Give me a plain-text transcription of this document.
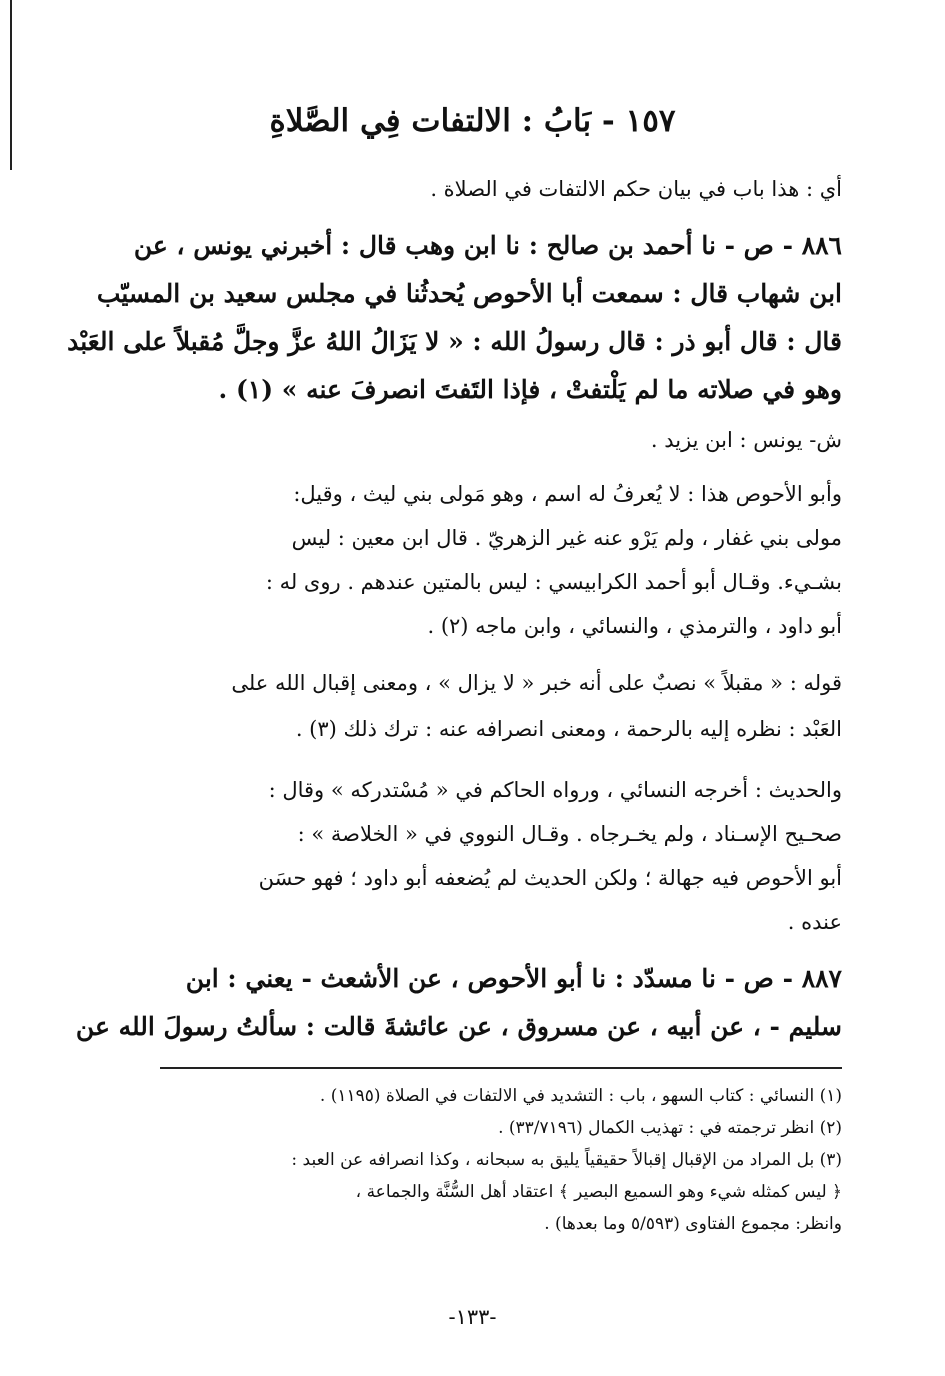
١٥٧ - بَابُ : الالتفات فِي الصَّلاةِ
أي : هذا باب في بيان حكم الالتفات في الصلاة .
٨٨٦ - ص - نا أحمد بن صالح : نا ابن وهب قال : أخبرني يونس ، عن
ابن شهاب قال : سمعت أبا الأحوص يُحدثُنا في مجلس سعيد بن المسيّب
قال : قال أبو ذر : قال رسولُ الله : « لا يَزَالُ اللهُ عزَّ وجلَّ مُقبلاً على العَبْد
وهو في صلاته ما لم يَلْتفتْ ، فإذا التَفتَ انصرفَ عنه » (١) .
ش- يونس : ابن يزيد .
وأبو الأحوص هذا : لا يُعرفُ له اسم ، وهو مَولى بني ليث ، وقيل:
مولى بني غفار ، ولم يَرْو عنه غير الزهريّ . قال ابن معين : ليس
بشـيء. وقـال أبو أحمد الكرابيسي : ليس بالمتين عندهم . روى له :
أبو داود ، والترمذي ، والنسائي ، وابن ماجه (٢) .
قوله : « مقبلاً » نصبٌ على أنه خبر « لا يزال » ، ومعنى إقبال الله على
العَبْد : نظره إليه بالرحمة ، ومعنى انصرافه عنه : ترك ذلك (٣) .
والحديث : أخرجه النسائي ، ورواه الحاكم في « مُسْتدركه » وقال :
صحـيح الإسـناد ، ولم يخـرجاه . وقـال النووي في « الخلاصة » :
أبو الأحوص فيه جهالة ؛ ولكن الحديث لم يُضعفه أبو داود ؛ فهو حسَن
عنده .
٨٨٧ - ص - نا مسدّد : نا أبو الأحوص ، عن الأشعث - يعني : ابن
سليم - ، عن أبيه ، عن مسروق ، عن عائشةَ قالت : سألتُ رسولَ الله عن
(١) النسائي : كتاب السهو ، باب : التشديد في الالتفات في الصلاة (١١٩٥) .
(٢) انظر ترجمته في : تهذيب الكمال (٣٣/٧١٩٦) .
(٣) بل المراد من الإقبال إقبالاً حقيقياً يليق به سبحانه ، وكذا انصرافه عن العبد :
﴿ ليس كمثله شيء وهو السميع البصير ﴾ اعتقاد أهل السُّنَّة والجماعة ،
وانظر: مجموع الفتاوى (٥/٥٩٣ وما بعدها) .
-١٣٣-
